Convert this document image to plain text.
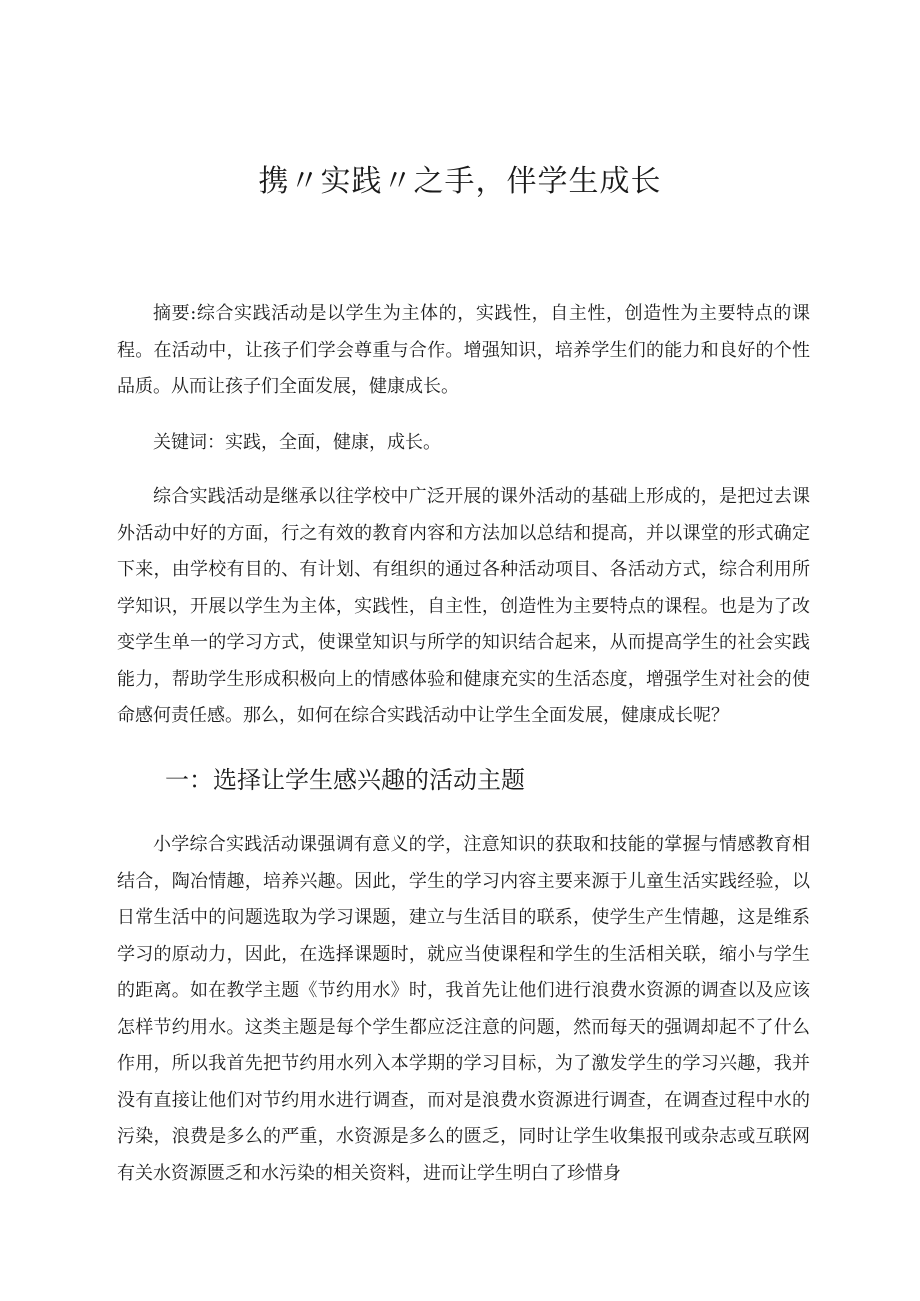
携〃实践〃之手，伴学生成长

摘要:综合实践活动是以学生为主体的，实践性，自主性，创造性为主要特点的课程。在活动中，让孩子们学会尊重与合作。增强知识，培养学生们的能力和良好的个性品质。从而让孩子们全面发展，健康成长。

关键词：实践，全面，健康，成长。

综合实践活动是继承以往学校中广泛开展的课外活动的基础上形成的，是把过去课外活动中好的方面，行之有效的教育内容和方法加以总结和提高，并以课堂的形式确定下来，由学校有目的、有计划、有组织的通过各种活动项目、各活动方式，综合利用所学知识，开展以学生为主体，实践性，自主性，创造性为主要特点的课程。也是为了改变学生单一的学习方式，使课堂知识与所学的知识结合起来，从而提高学生的社会实践能力，帮助学生形成积极向上的情感体验和健康充实的生活态度，增强学生对社会的使命感何责任感。那么，如何在综合实践活动中让学生全面发展，健康成长呢？

一：选择让学生感兴趣的活动主题

小学综合实践活动课强调有意义的学，注意知识的获取和技能的掌握与情感教育相结合，陶冶情趣，培养兴趣。因此，学生的学习内容主要来源于儿童生活实践经验，以日常生活中的问题选取为学习课题，建立与生活目的联系，使学生产生情趣，这是维系学习的原动力，因此，在选择课题时，就应当使课程和学生的生活相关联，缩小与学生的距离。如在教学主题《节约用水》时，我首先让他们进行浪费水资源的调查以及应该怎样节约用水。这类主题是每个学生都应泛注意的问题，然而每天的强调却起不了什么作用，所以我首先把节约用水列入本学期的学习目标，为了激发学生的学习兴趣，我并没有直接让他们对节约用水进行调查，而对是浪费水资源进行调查，在调查过程中水的污染，浪费是多么的严重，水资源是多么的匮乏，同时让学生收集报刊或杂志或互联网有关水资源匮乏和水污染的相关资料，进而让学生明白了珍惜身
